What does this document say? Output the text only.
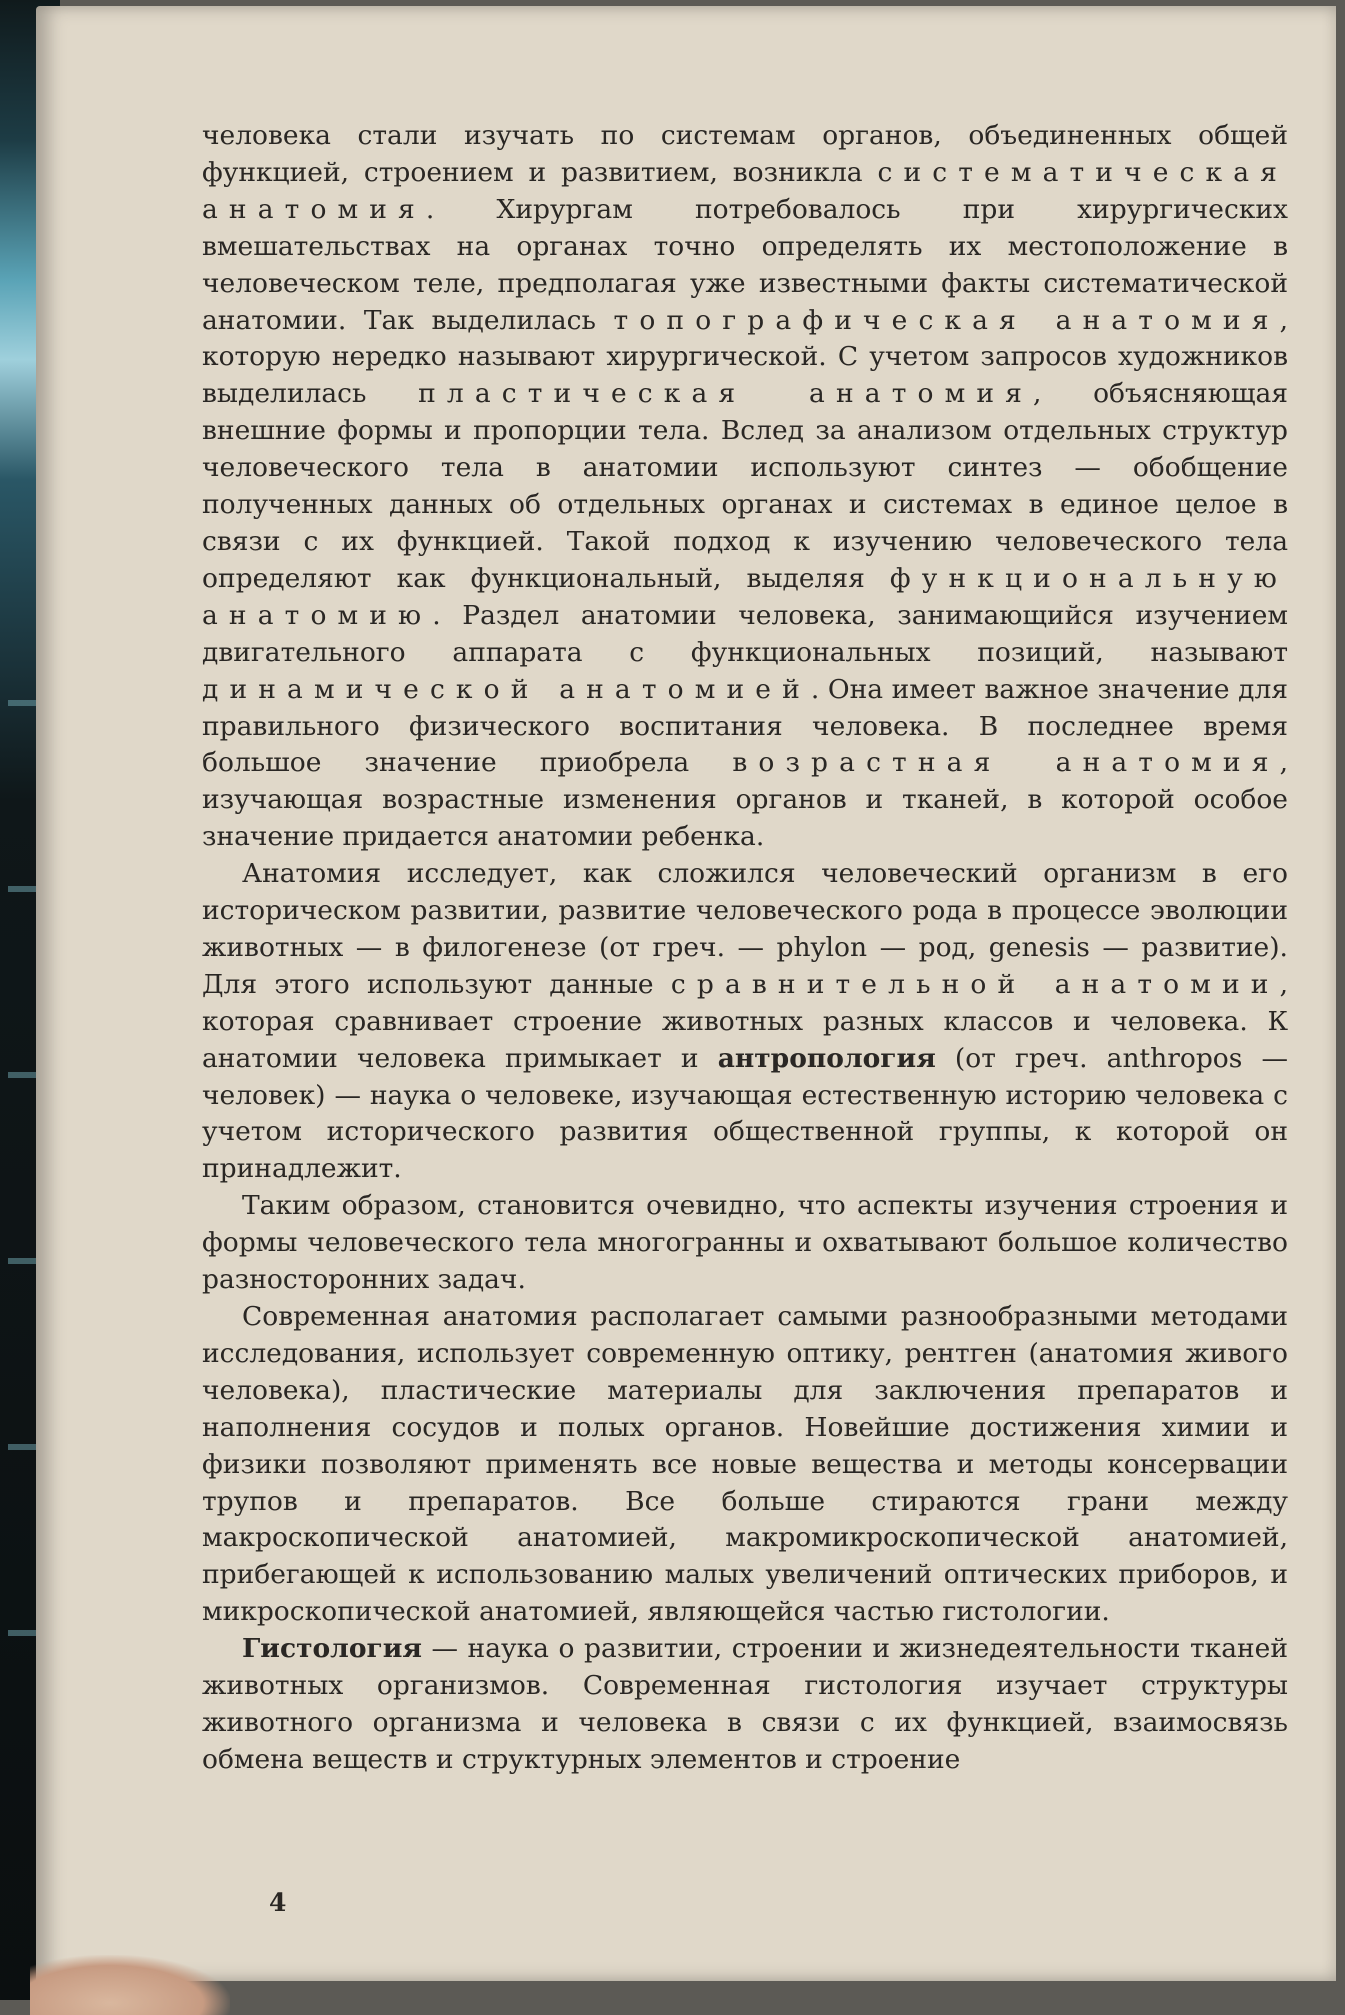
человека стали изучать по системам органов, объединенных общей функцией, строением и развитием, возникла систематическая анатомия. Хирургам потребовалось при хирургических вмешательствах на органах точно определять их местоположение в человеческом теле, предполагая уже известными факты систематической анатомии. Так выделилась топографическая анатомия, которую нередко называют хирургической. С учетом запросов художников выделилась пластическая анатомия, объясняющая внешние формы и пропорции тела. Вслед за анализом отдельных структур человеческого тела в анатомии используют синтез — обобщение полученных данных об отдельных органах и системах в единое целое в связи с их функцией. Такой подход к изучению человеческого тела определяют как функциональный, выделяя функциональную анатомию. Раздел анатомии человека, занимающийся изучением двигательного аппарата с функциональных позиций, называют динамической анатомией. Она имеет важное значение для правильного физического воспитания человека. В последнее время большое значение приобрела возрастная анатомия, изучающая возрастные изменения органов и тканей, в которой особое значение придается анатомии ребенка.

Анатомия исследует, как сложился человеческий организм в его историческом развитии, развитие человеческого рода в процессе эволюции животных — в филогенезе (от греч. — phylon — род, genesis — развитие). Для этого используют данные сравнительной анатомии, которая сравнивает строение животных разных классов и человека. К анатомии человека примыкает и антропология (от греч. anthropos — человек) — наука о человеке, изучающая естественную историю человека с учетом исторического развития общественной группы, к которой он принадлежит.

Таким образом, становится очевидно, что аспекты изучения строения и формы человеческого тела многогранны и охватывают большое количество разносторонних задач.

Современная анатомия располагает самыми разнообразными методами исследования, использует современную оптику, рентген (анатомия живого человека), пластические материалы для заключения препаратов и наполнения сосудов и полых органов. Новейшие достижения химии и физики позволяют применять все новые вещества и методы консервации трупов и препаратов. Все больше стираются грани между макроскопической анатомией, макромикроскопической анатомией, прибегающей к использованию малых увеличений оптических приборов, и микроскопической анатомией, являющейся частью гистологии.

Гистология — наука о развитии, строении и жизнедеятельности тканей животных организмов. Современная гистология изучает структуры животного организма и человека в связи с их функцией, взаимосвязь обмена веществ и структурных элементов и строение

4
